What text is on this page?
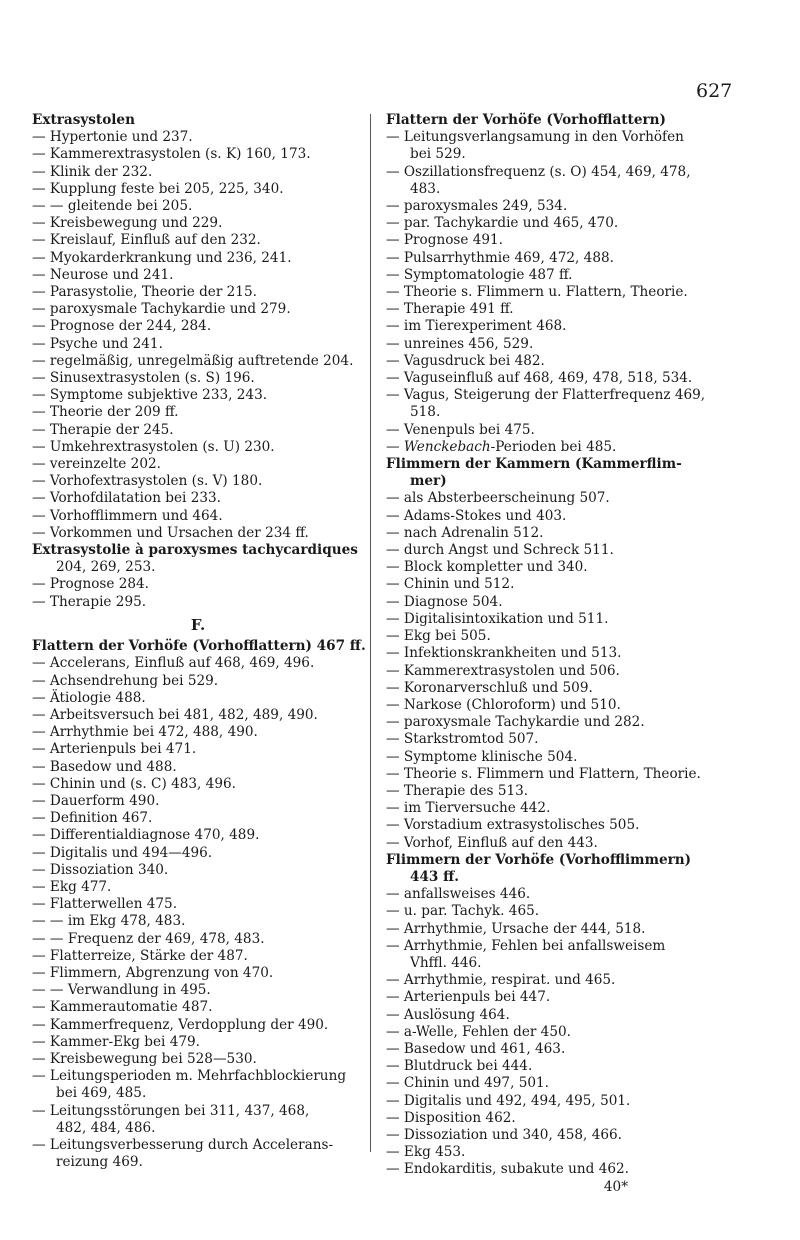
627
Extrasystolen
— Hypertonie und 237.
— Kammerextrasystolen (s. K) 160, 173.
— Klinik der 232.
— Kupplung feste bei 205, 225, 340.
— — gleitende bei 205.
— Kreisbewegung und 229.
— Kreislauf, Einfluß auf den 232.
— Myokarderkrankung und 236, 241.
— Neurose und 241.
— Parasystolie, Theorie der 215.
— paroxysmale Tachykardie und 279.
— Prognose der 244, 284.
— Psyche und 241.
— regelmäßig, unregelmäßig auftretende 204.
— Sinusextrasystolen (s. S) 196.
— Symptome subjektive 233, 243.
— Theorie der 209 ff.
— Therapie der 245.
— Umkehrextrasystolen (s. U) 230.
— vereinzelte 202.
— Vorhofextrasystolen (s. V) 180.
— Vorhofdilatation bei 233.
— Vorhofflimmern und 464.
— Vorkommen und Ursachen der 234 ff.
Extrasystolie à paroxysmes tachycardiques
204, 269, 253.
— Prognose 284.
— Therapie 295.
F.
Flattern der Vorhöfe (Vorhofflattern) 467 ff.
— Accelerans, Einfluß auf 468, 469, 496.
— Achsendrehung bei 529.
— Ätiologie 488.
— Arbeitsversuch bei 481, 482, 489, 490.
— Arrhythmie bei 472, 488, 490.
— Arterienpuls bei 471.
— Basedow und 488.
— Chinin und (s. C) 483, 496.
— Dauerform 490.
— Definition 467.
— Differentialdiagnose 470, 489.
— Digitalis und 494—496.
— Dissoziation 340.
— Ekg 477.
— Flatterwellen 475.
— — im Ekg 478, 483.
— — Frequenz der 469, 478, 483.
— Flatterreize, Stärke der 487.
— Flimmern, Abgrenzung von 470.
— — Verwandlung in 495.
— Kammerautomatie 487.
— Kammerfrequenz, Verdopplung der 490.
— Kammer-Ekg bei 479.
— Kreisbewegung bei 528—530.
— Leitungsperioden m. Mehrfachblockierung
bei 469, 485.
— Leitungsstörungen bei 311, 437, 468,
482, 484, 486.
— Leitungsverbesserung durch Accelerans-
reizung 469.
Flattern der Vorhöfe (Vorhofflattern)
— Leitungsverlangsamung in den Vorhöfen
bei 529.
— Oszillationsfrequenz (s. O) 454, 469, 478,
483.
— paroxysmales 249, 534.
— par. Tachykardie und 465, 470.
— Prognose 491.
— Pulsarrhythmie 469, 472, 488.
— Symptomatologie 487 ff.
— Theorie s. Flimmern u. Flattern, Theorie.
— Therapie 491 ff.
— im Tierexperiment 468.
— unreines 456, 529.
— Vagusdruck bei 482.
— Vaguseinfluß auf 468, 469, 478, 518, 534.
— Vagus, Steigerung der Flatterfrequenz 469,
518.
— Venenpuls bei 475.
— Wenckebach-Perioden bei 485.
Flimmern der Kammern (Kammerflim-
mer)
— als Absterbeerscheinung 507.
— Adams-Stokes und 403.
— nach Adrenalin 512.
— durch Angst und Schreck 511.
— Block kompletter und 340.
— Chinin und 512.
— Diagnose 504.
— Digitalisintoxikation und 511.
— Ekg bei 505.
— Infektionskrankheiten und 513.
— Kammerextrasystolen und 506.
— Koronarverschluß und 509.
— Narkose (Chloroform) und 510.
— paroxysmale Tachykardie und 282.
— Starkstromtod 507.
— Symptome klinische 504.
— Theorie s. Flimmern und Flattern, Theorie.
— Therapie des 513.
— im Tierversuche 442.
— Vorstadium extrasystolisches 505.
— Vorhof, Einfluß auf den 443.
Flimmern der Vorhöfe (Vorhofflimmern)
443 ff.
— anfallsweises 446.
— u. par. Tachyk. 465.
— Arrhythmie, Ursache der 444, 518.
— Arrhythmie, Fehlen bei anfallsweisem
Vhffl. 446.
— Arrhythmie, respirat. und 465.
— Arterienpuls bei 447.
— Auslösung 464.
— a-Welle, Fehlen der 450.
— Basedow und 461, 463.
— Blutdruck bei 444.
— Chinin und 497, 501.
— Digitalis und 492, 494, 495, 501.
— Disposition 462.
— Dissoziation und 340, 458, 466.
— Ekg 453.
— Endokarditis, subakute und 462.
40*
